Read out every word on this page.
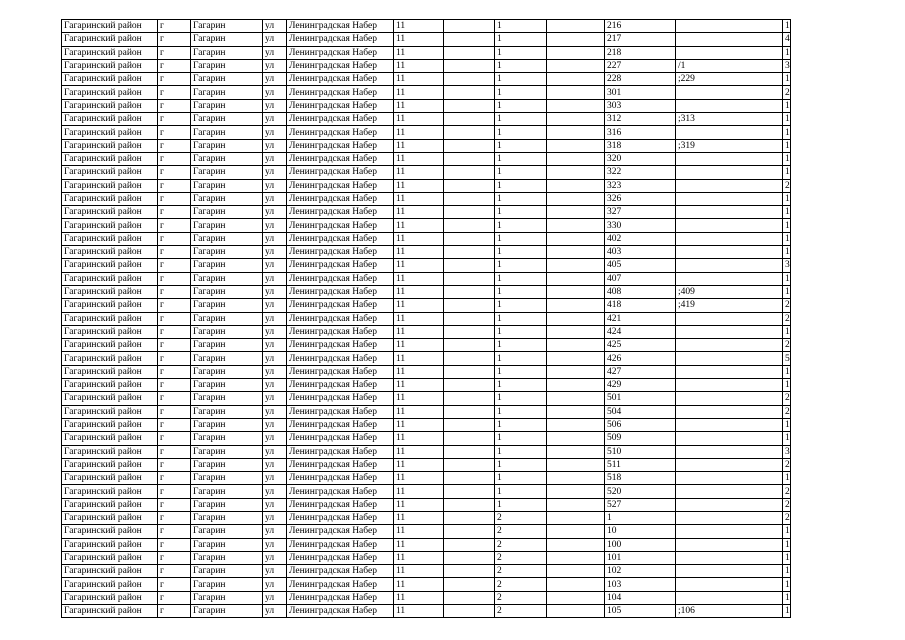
Гагаринский район	г	Гагарин	ул	Ленинградская Набер	11		1		216		1
Гагаринский район	г	Гагарин	ул	Ленинградская Набер	11		1		217		4
Гагаринский район	г	Гагарин	ул	Ленинградская Набер	11		1		218		1
Гагаринский район	г	Гагарин	ул	Ленинградская Набер	11		1		227	/1	3
Гагаринский район	г	Гагарин	ул	Ленинградская Набер	11		1		228	;229	1
Гагаринский район	г	Гагарин	ул	Ленинградская Набер	11		1		301		2
Гагаринский район	г	Гагарин	ул	Ленинградская Набер	11		1		303		1
Гагаринский район	г	Гагарин	ул	Ленинградская Набер	11		1		312	;313	1
Гагаринский район	г	Гагарин	ул	Ленинградская Набер	11		1		316		1
Гагаринский район	г	Гагарин	ул	Ленинградская Набер	11		1		318	;319	1
Гагаринский район	г	Гагарин	ул	Ленинградская Набер	11		1		320		1
Гагаринский район	г	Гагарин	ул	Ленинградская Набер	11		1		322		1
Гагаринский район	г	Гагарин	ул	Ленинградская Набер	11		1		323		2
Гагаринский район	г	Гагарин	ул	Ленинградская Набер	11		1		326		1
Гагаринский район	г	Гагарин	ул	Ленинградская Набер	11		1		327		1
Гагаринский район	г	Гагарин	ул	Ленинградская Набер	11		1		330		1
Гагаринский район	г	Гагарин	ул	Ленинградская Набер	11		1		402		1
Гагаринский район	г	Гагарин	ул	Ленинградская Набер	11		1		403		1
Гагаринский район	г	Гагарин	ул	Ленинградская Набер	11		1		405		3
Гагаринский район	г	Гагарин	ул	Ленинградская Набер	11		1		407		1
Гагаринский район	г	Гагарин	ул	Ленинградская Набер	11		1		408	;409	1
Гагаринский район	г	Гагарин	ул	Ленинградская Набер	11		1		418	;419	2
Гагаринский район	г	Гагарин	ул	Ленинградская Набер	11		1		421		2
Гагаринский район	г	Гагарин	ул	Ленинградская Набер	11		1		424		1
Гагаринский район	г	Гагарин	ул	Ленинградская Набер	11		1		425		2
Гагаринский район	г	Гагарин	ул	Ленинградская Набер	11		1		426		5
Гагаринский район	г	Гагарин	ул	Ленинградская Набер	11		1		427		1
Гагаринский район	г	Гагарин	ул	Ленинградская Набер	11		1		429		1
Гагаринский район	г	Гагарин	ул	Ленинградская Набер	11		1		501		2
Гагаринский район	г	Гагарин	ул	Ленинградская Набер	11		1		504		2
Гагаринский район	г	Гагарин	ул	Ленинградская Набер	11		1		506		1
Гагаринский район	г	Гагарин	ул	Ленинградская Набер	11		1		509		1
Гагаринский район	г	Гагарин	ул	Ленинградская Набер	11		1		510		3
Гагаринский район	г	Гагарин	ул	Ленинградская Набер	11		1		511		2
Гагаринский район	г	Гагарин	ул	Ленинградская Набер	11		1		518		1
Гагаринский район	г	Гагарин	ул	Ленинградская Набер	11		1		520		2
Гагаринский район	г	Гагарин	ул	Ленинградская Набер	11		1		527		2
Гагаринский район	г	Гагарин	ул	Ленинградская Набер	11		2		1		2
Гагаринский район	г	Гагарин	ул	Ленинградская Набер	11		2		10		1
Гагаринский район	г	Гагарин	ул	Ленинградская Набер	11		2		100		1
Гагаринский район	г	Гагарин	ул	Ленинградская Набер	11		2		101		1
Гагаринский район	г	Гагарин	ул	Ленинградская Набер	11		2		102		1
Гагаринский район	г	Гагарин	ул	Ленинградская Набер	11		2		103		1
Гагаринский район	г	Гагарин	ул	Ленинградская Набер	11		2		104		1
Гагаринский район	г	Гагарин	ул	Ленинградская Набер	11		2		105	;106	1
